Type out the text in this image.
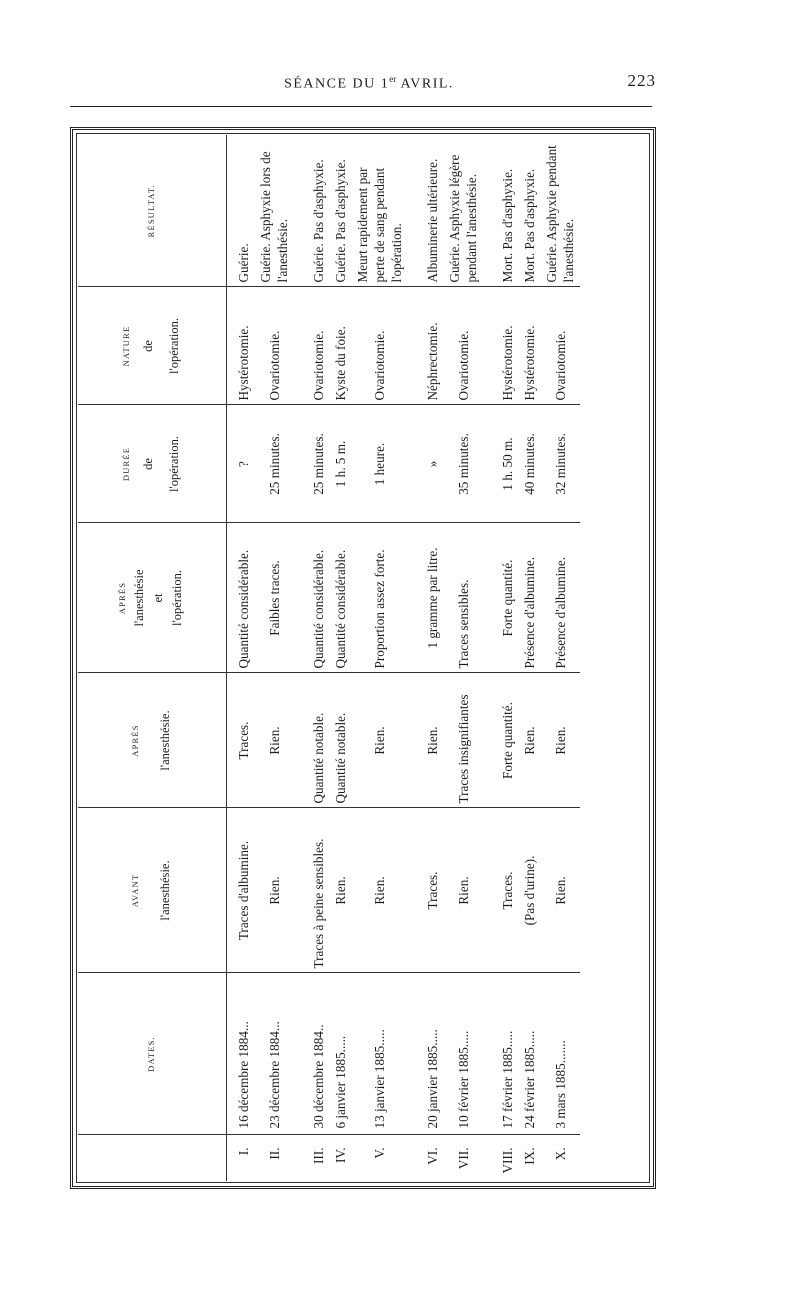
SÉANCE DU 1er AVRIL.	223

	DATES.	AVANT l'anesthésie.	APRÈS l'anesthésie.	APRÈS l'anesthésie et l'opération.	DURÉE de l'opération.	NATURE de l'opération.	RÉSULTAT.

I.	16 décembre 1884...	Traces d'albumine.	Traces.	Quantité considérable.	?	Hystérotomie.	Guérie.
II.	23 décembre 1884...	Rien.	Rien.	Faibles traces.	25 minutes.	Ovariotomie.	Guérie. Asphyxie lors de l'anesthésie.

III.	30 décembre 1884..	Traces à peine sensibles.	Quantité notable.	Quantité considérable.	25 minutes.	Ovariotomie.	Guérie. Pas d'asphyxie.
IV.	6 janvier 1885.....	Rien.	Quantité notable.	Quantité considérable.	1 h. 5 m.	Kyste du foie.	Guérie. Pas d'asphyxie.
V.	13 janvier 1885.....	Rien.	Rien.	Proportion assez forte.	1 heure.	Ovariotomie.	Meurt rapidement par perte de sang pendant l'opération.

VI.	20 janvier 1885.....	Traces.	Rien.	1 gramme par litre.	»	Néphrectomie.	Albuminerie ultérieure.
VII.	10 février 1885.....	Rien.	Traces insignifiantes	Traces sensibles.	35 minutes.	Ovariotomie.	Guérie. Asphyxie légère pendant l'anesthésie.

VIII.	17 février 1885.....	Traces.	Forte quantité.	Forte quantité.	1 h. 50 m.	Hystérotomie.	Mort. Pas d'asphyxie.
IX.	24 février 1885.....	(Pas d'urine).	Rien.	Présence d'albumine.	40 minutes.	Hystérotomie.	Mort. Pas d'asphyxie.
X.	3 mars 1885.......	Rien.	Rien.	Présence d'albumine.	32 minutes.	Ovariotomie.	Guérie. Asphyxie pendant l'anesthésie.
